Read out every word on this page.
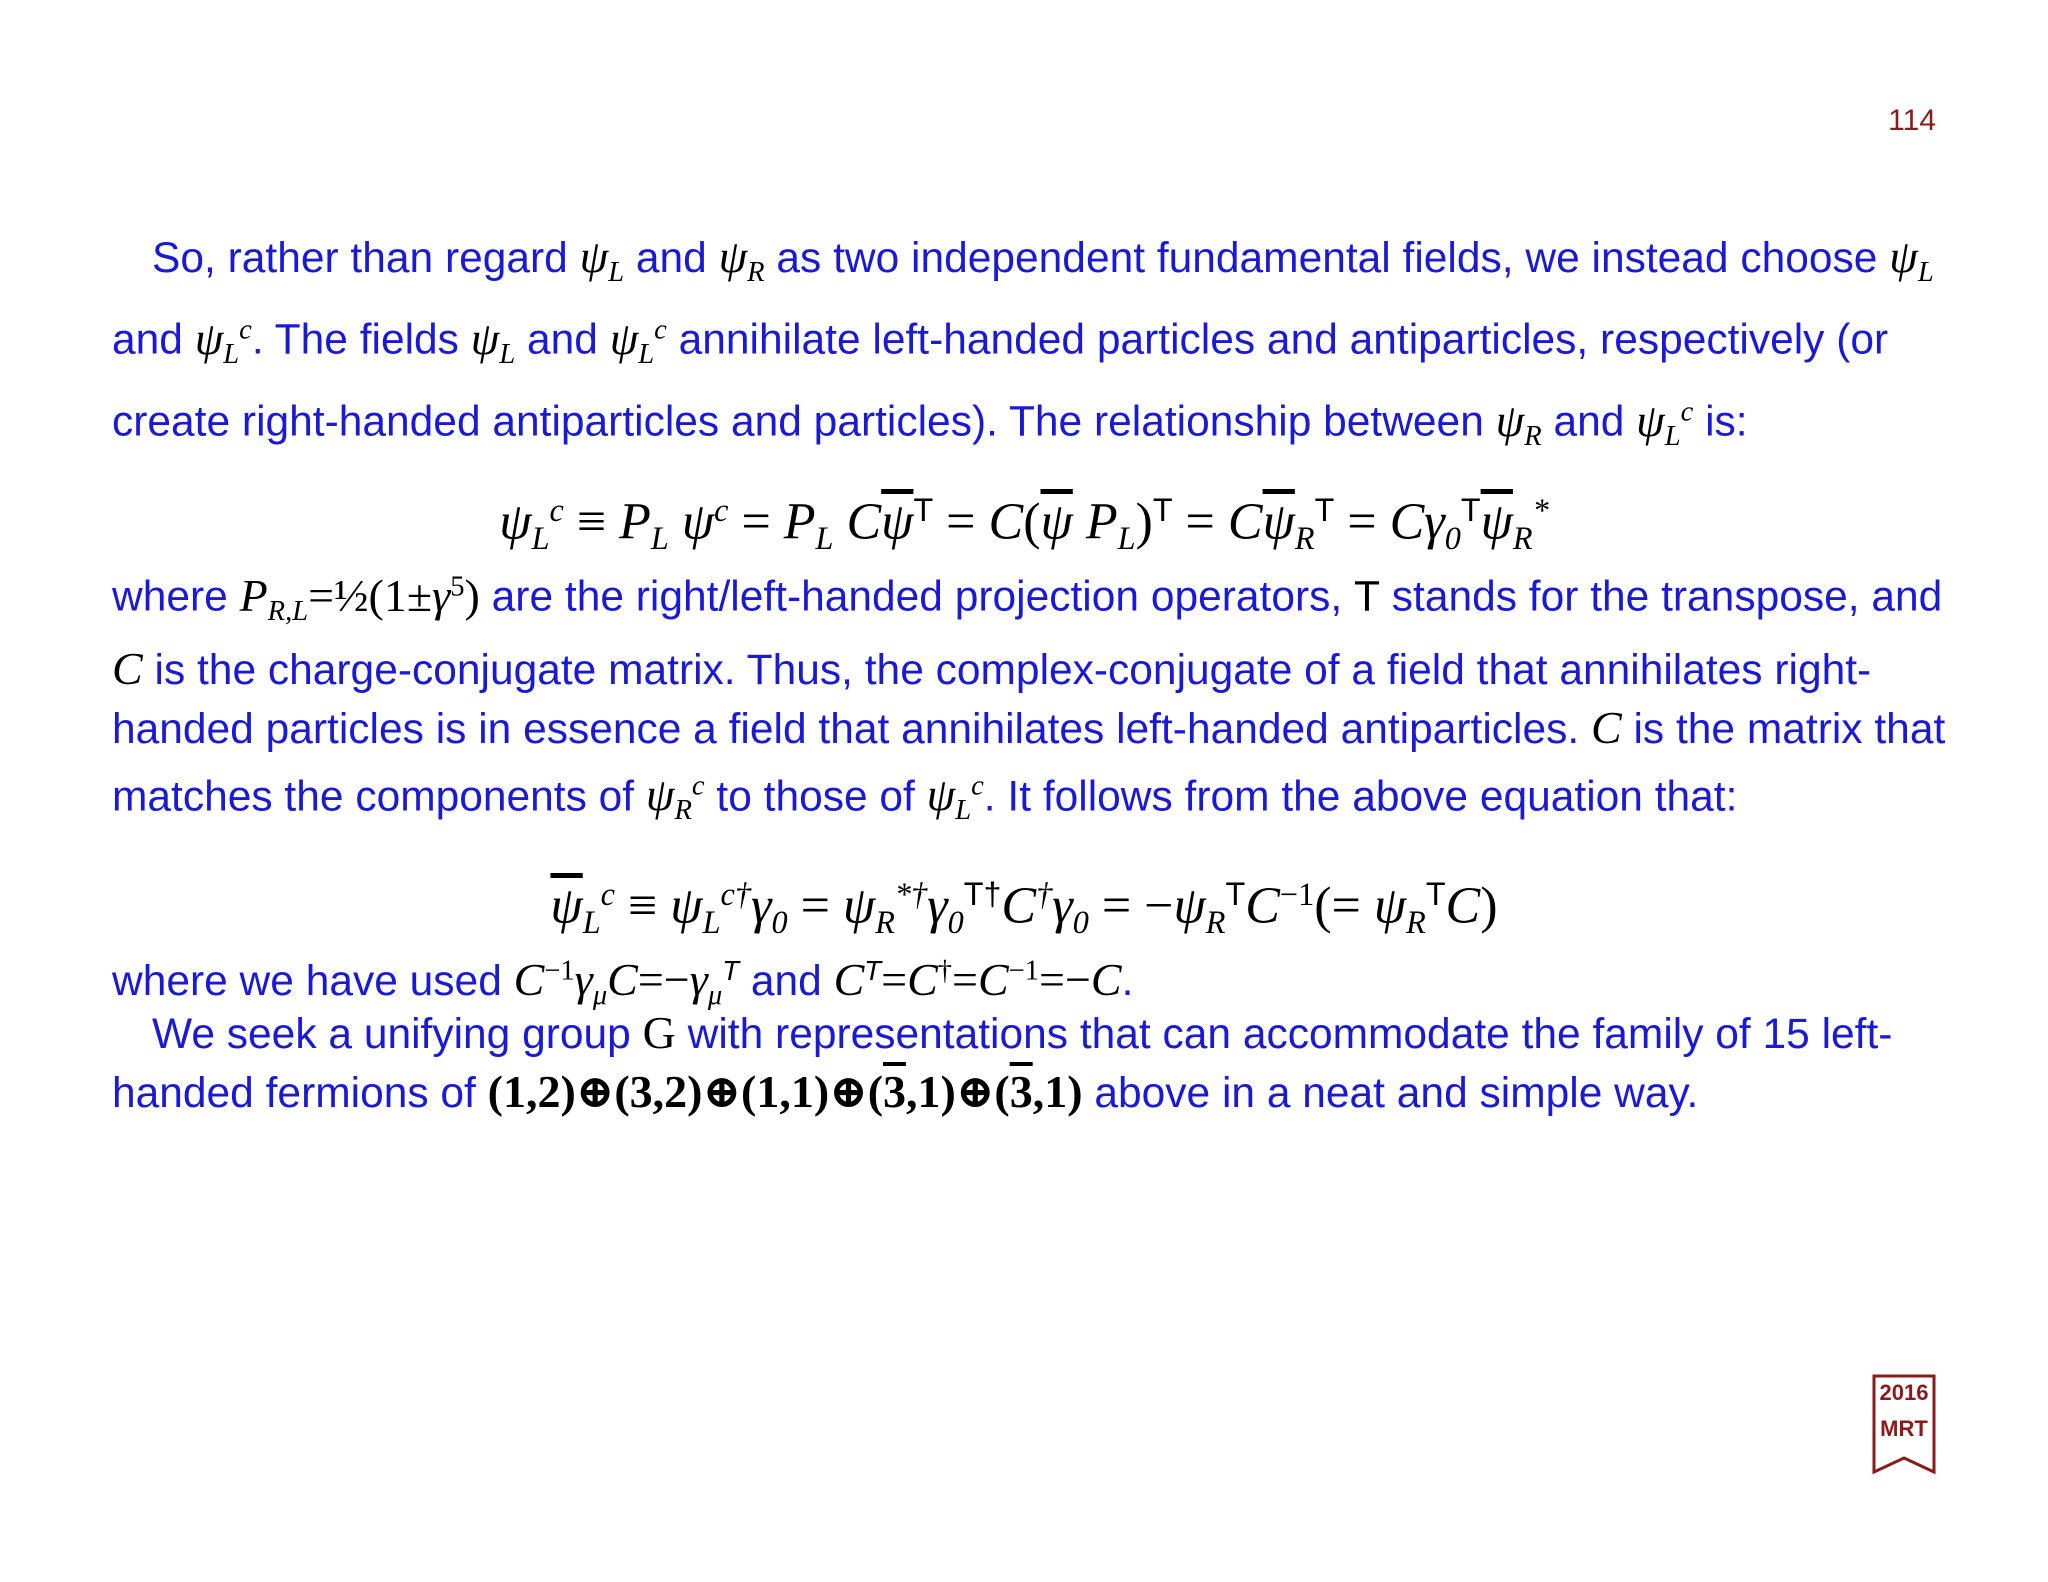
114
So, rather than regard $\psi_L$ and $\psi_R$ as two independent fundamental fields, we instead choose $\psi_L$ and $\psi_L^c$. The fields $\psi_L$ and $\psi_L^c$ annihilate left-handed particles and antiparticles, respectively (or create right-handed antiparticles and particles). The relationship between $\psi_R$ and $\psi_L^c$ is:
$\psi_L^c \equiv P_L$ $\psi^c = P_L$ $C\overline{\psi}^T = C(\overline{\psi}$ $P_L)^T = C\overline{\psi}_R^T = C\gamma_0^T\overline{\psi}_R^*$
where $P_{R,L}=\frac{1}{2}(1\pm\gamma^5)$ are the right/left-handed projection operators, T stands for the transpose, and C is the charge-conjugate matrix. Thus, the complex-conjugate of a field that annihilates right-handed particles is in essence a field that annihilates left-handed antiparticles. C is the matrix that matches the components of $\psi_R^c$ to those of $\psi_L^c$. It follows from the above equation that:
$\overline{\psi}_L^c \equiv \psi_L^{c\dagger}\gamma_0 = \psi_R^{*\dagger}\gamma_0^{T\dagger}C^\dagger\gamma_0 = -\psi_R^TC^{-1}(= \psi_R^TC)$
where we have used $C^{-1}\gamma_\mu C=-\gamma_\mu^T$ and $C^T=C^\dagger=C^{-1}=-C$.
We seek a unifying group G with representations that can accommodate the family of 15 left-handed fermions of (1,2)⊕(3,2)⊕(1,1)⊕(3,1)⊕(3,1) above in a neat and simple way.
2016
MRT
